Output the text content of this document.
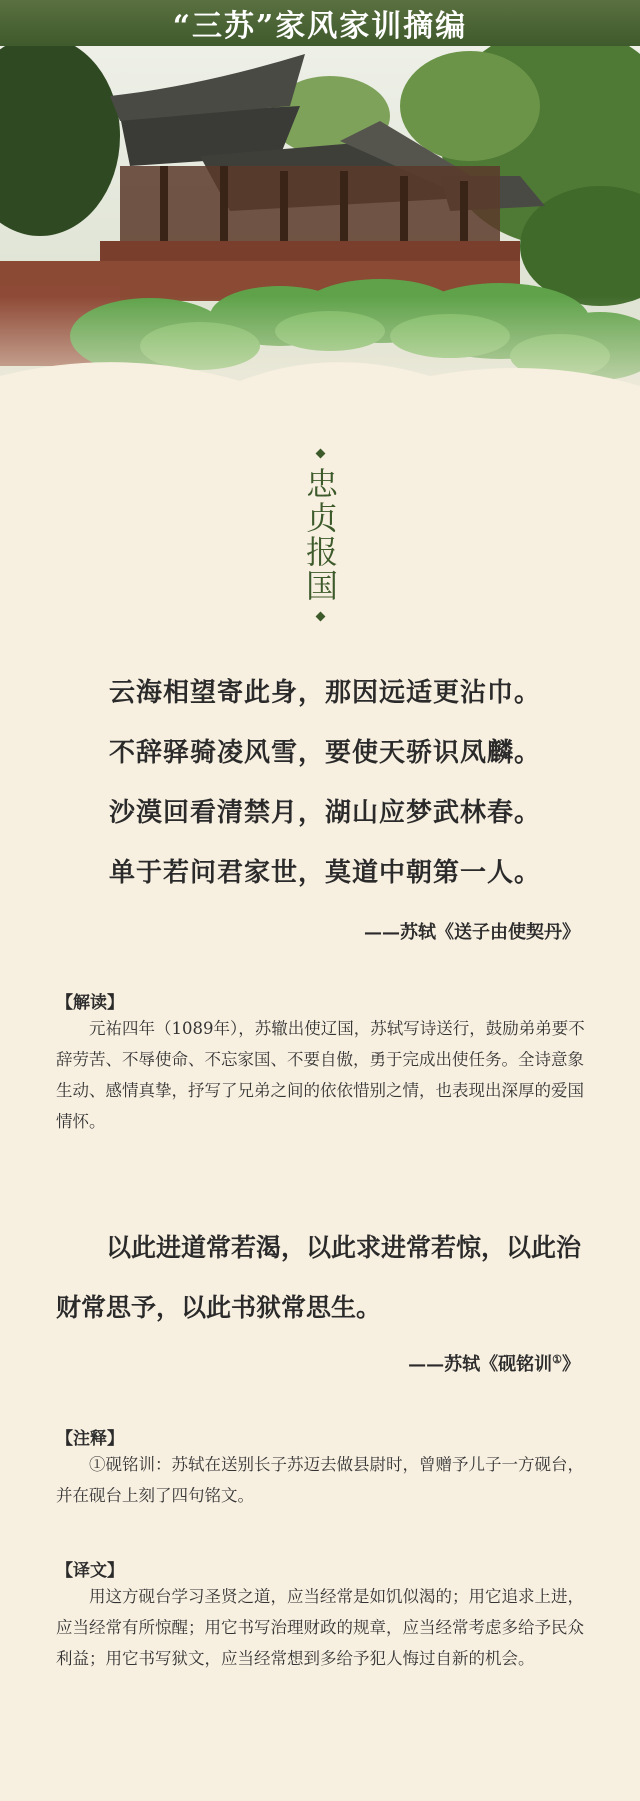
“三苏”家风家训摘编
忠贞报国
云海相望寄此身，那因远适更沾巾。
不辞驿骑凌风雪，要使天骄识凤麟。
沙漠回看清禁月，湖山应梦武林春。
单于若问君家世，莫道中朝第一人。
——苏轼《送子由使契丹》
【解读】
元祐四年（1089年），苏辙出使辽国，苏轼写诗送行，鼓励弟弟要不辞劳苦、不辱使命、不忘家国、不要自傲，勇于完成出使任务。全诗意象生动、感情真挚，抒写了兄弟之间的依依惜别之情，也表现出深厚的爱国情怀。
以此进道常若渴，以此求进常若惊，以此治财常思予，以此书狱常思生。
——苏轼《砚铭训①》
【注释】
①砚铭训：苏轼在送别长子苏迈去做县尉时，曾赠予儿子一方砚台，并在砚台上刻了四句铭文。
【译文】
用这方砚台学习圣贤之道，应当经常是如饥似渴的；用它追求上进，应当经常有所惊醒；用它书写治理财政的规章，应当经常考虑多给予民众利益；用它书写狱文，应当经常想到多给予犯人悔过自新的机会。
